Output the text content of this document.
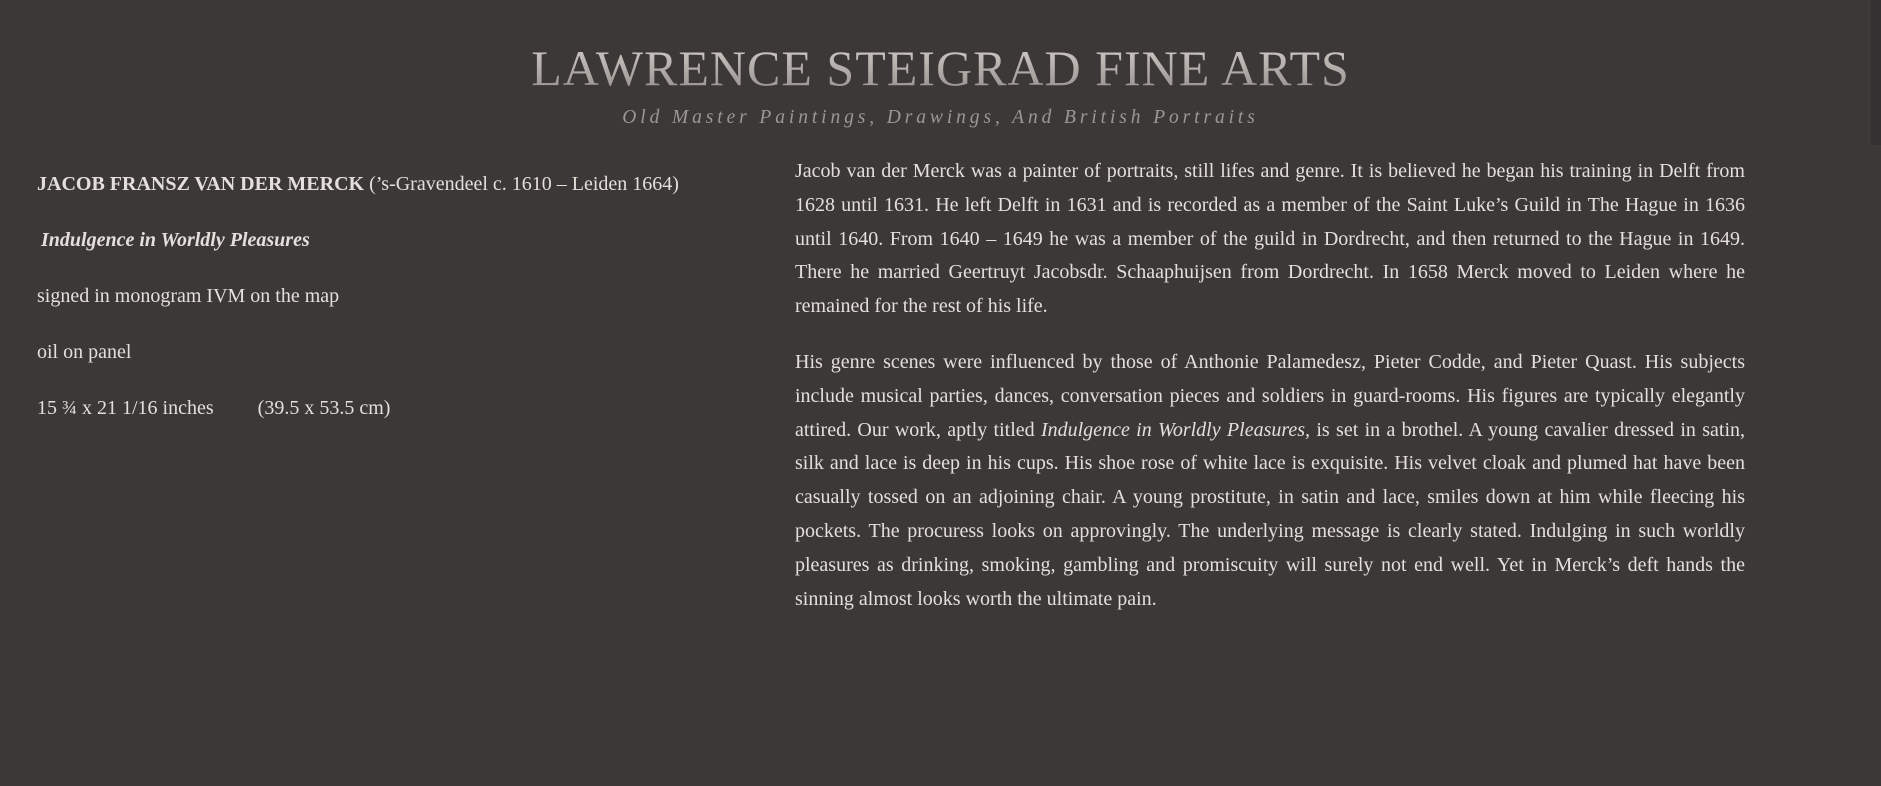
LAWRENCE STEIGRAD FINE ARTS

Old Master Paintings, Drawings, And British Portraits

JACOB FRANSZ VAN DER MERCK (’s-Gravendeel c. 1610 – Leiden 1664)

Indulgence in Worldly Pleasures

signed in monogram IVM on the map

oil on panel

15 ¾ x 21 1/16 inches (39.5 x 53.5 cm)

Jacob van der Merck was a painter of portraits, still lifes and genre. It is believed he began his training in Delft from 1628 until 1631. He left Delft in 1631 and is recorded as a member of the Saint Luke’s Guild in The Hague in 1636 until 1640. From 1640 – 1649 he was a member of the guild in Dordrecht, and then returned to the Hague in 1649. There he married Geertruyt Jacobsdr. Schaaphuijsen from Dordrecht. In 1658 Merck moved to Leiden where he remained for the rest of his life.

His genre scenes were influenced by those of Anthonie Palamedesz, Pieter Codde, and Pieter Quast. His subjects include musical parties, dances, conversation pieces and soldiers in guard-rooms. His figures are typically elegantly attired. Our work, aptly titled Indulgence in Worldly Pleasures, is set in a brothel. A young cavalier dressed in satin, silk and lace is deep in his cups. His shoe rose of white lace is exquisite. His velvet cloak and plumed hat have been casually tossed on an adjoining chair. A young prostitute, in satin and lace, smiles down at him while fleecing his pockets. The procuress looks on approvingly. The underlying message is clearly stated. Indulging in such worldly pleasures as drinking, smoking, gambling and promiscuity will surely not end well. Yet in Merck’s deft hands the sinning almost looks worth the ultimate pain.
